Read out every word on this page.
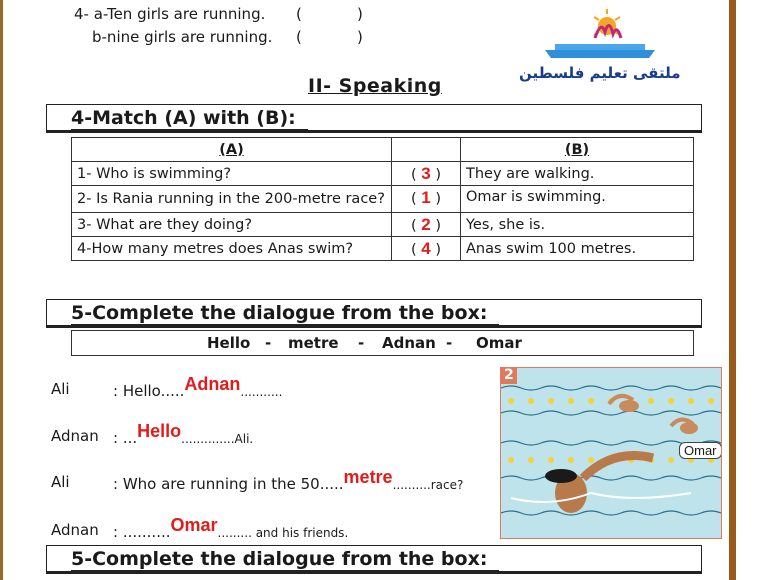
4- a-Ten girls are running. (	)
b-nine girls are running. (	)
ملتقى تعليم فلسطين
II- Speaking
4-Match (A) with (B):
(A)		(B)
1- Who is swimming?	( 3 )	They are walking.
2- Is Rania running in the 200-metre race?	( 1 )	Omar is swimming.
3- What are they doing?	( 2 )	Yes, she is.
4-How many metres does Anas swim?	( 4 )	Anas swim 100 metres.
5-Complete the dialogue from the box:
Hello - metre - Adnan - Omar
Ali	: Hello.....Adnan$_{...........}$
Adnan : ...Hello$_{..............Ali.}$
Ali	: Who are running in the 50.....metre$_{..........race?}$
Adnan : ..........Omar$_{......... and his friends.}$
2
Omar
5-Complete the dialogue from the box:
